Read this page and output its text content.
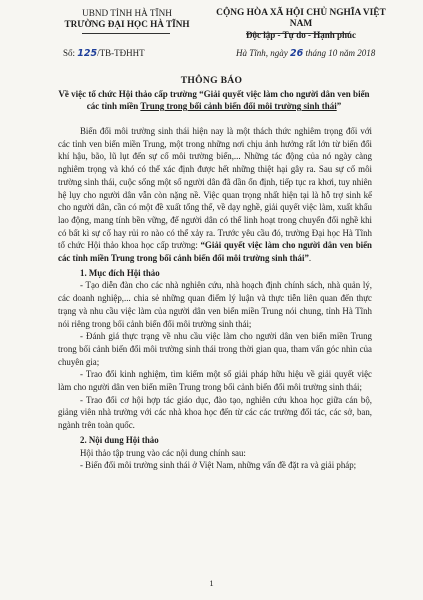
UBND TỈNH HÀ TĨNH
TRƯỜNG ĐẠI HỌC HÀ TĨNH
CỘNG HÒA XÃ HỘI CHỦ NGHĨA VIỆT NAM
Độc lập - Tự do - Hạnh phúc
Số: 125/TB-TĐHHT	Hà Tĩnh, ngày 26 tháng 10 năm 2018
THÔNG BÁO
Về việc tổ chức Hội thảo cấp trường “Giải quyết việc làm cho người dân ven biển các tỉnh miền Trung trong bối cảnh biến đổi môi trường sinh thái”

Biến đổi môi trường sinh thái hiện nay là một thách thức nghiêm trọng đối với các tỉnh ven biển miền Trung, một trong những nơi chịu ảnh hưởng rất lớn từ biến đổi khí hậu, bão, lũ lụt đến sự cố môi trường biển,... Những tác động của nó ngày càng nghiêm trọng và khó có thể xác định được hết những thiệt hại gây ra. Sau sự cố môi trường sinh thái, cuộc sống một số người dân đã dần ổn định, tiếp tục ra khơi, tuy nhiên hệ lụy cho người dân vẫn còn nặng nề. Việc quan trọng nhất hiện tại là hỗ trợ sinh kế cho người dân, cần có một đề xuất tổng thể, về dạy nghề, giải quyết việc làm, xuất khẩu lao động, mang tính bền vững, để người dân có thể linh hoạt trong chuyển đổi nghề khi có bất kì sự cố hay rủi ro nào có thể xảy ra. Trước yêu cầu đó, trường Đại học Hà Tĩnh tổ chức Hội thảo khoa học cấp trường: “Giải quyết việc làm cho người dân ven biển các tỉnh miền Trung trong bối cảnh biến đổi môi trường sinh thái”.

1. Mục đích Hội thảo

- Tạo diễn đàn cho các nhà nghiên cứu, nhà hoạch định chính sách, nhà quản lý, các doanh nghiệp,... chia sẻ những quan điểm lý luận và thực tiễn liên quan đến thực trạng và nhu cầu việc làm của người dân ven biển miền Trung nói chung, tỉnh Hà Tĩnh nói riêng trong bối cảnh biến đổi môi trường sinh thái;

- Đánh giá thực trạng về nhu cầu việc làm cho người dân ven biển miền Trung trong bối cảnh biến đổi môi trường sinh thái trong thời gian qua, tham vấn góc nhìn của chuyên gia;

- Trao đổi kinh nghiệm, tìm kiếm một số giải pháp hữu hiệu về giải quyết việc làm cho người dân ven biển miền Trung trong bối cảnh biến đổi môi trường sinh thái;

- Trao đổi cơ hội hợp tác giáo dục, đào tạo, nghiên cứu khoa học giữa cán bộ, giảng viên nhà trường với các nhà khoa học đến từ các các trường đối tác, các sở, ban, ngành trên toàn quốc.

2. Nội dung Hội thảo

Hội thảo tập trung vào các nội dung chính sau:

- Biến đổi môi trường sinh thái ở Việt Nam, những vấn đề đặt ra và giải pháp;

1
